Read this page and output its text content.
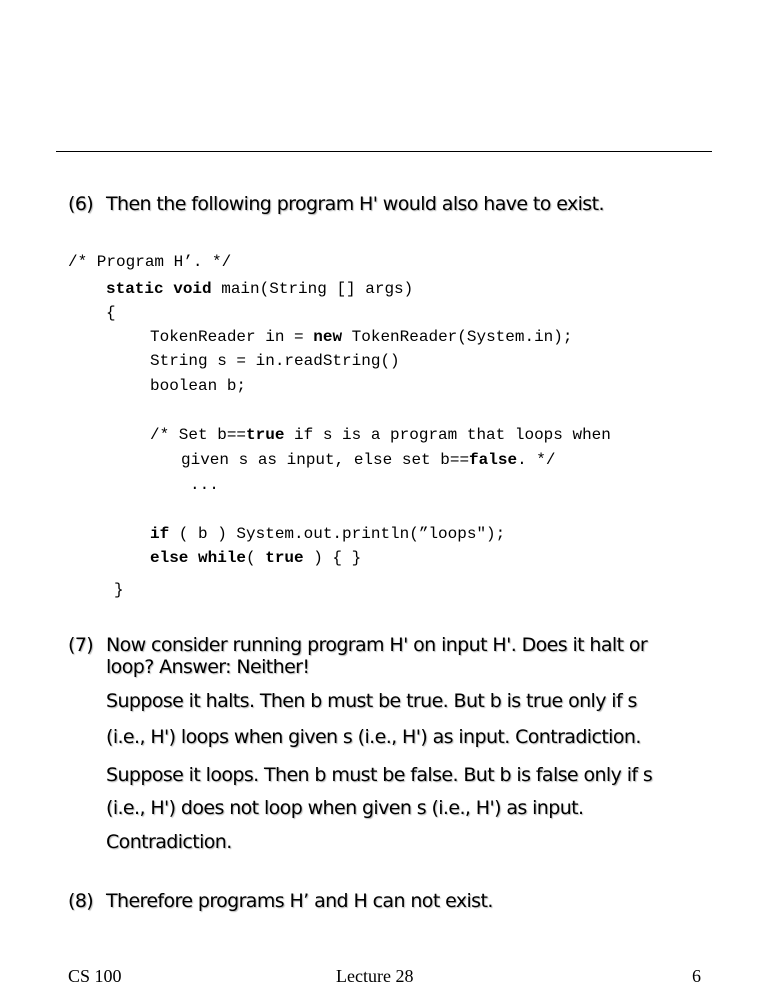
(6) Then the following program H' would also have to exist.
/* Program H’. */
static void main(String [] args)
{
TokenReader in = new TokenReader(System.in);
String s = in.readString()
boolean b;
/* Set b==true if s is a program that loops when
given s as input, else set b==false. */
...
if ( b ) System.out.println(”loops");
else while( true ) { }
}
(7) Now consider running program H' on input H'. Does it halt or
loop? Answer: Neither!
Suppose it halts. Then b must be true. But b is true only if s
(i.e., H') loops when given s (i.e., H') as input. Contradiction.
Suppose it loops. Then b must be false. But b is false only if s
(i.e., H') does not loop when given s (i.e., H') as input.
Contradiction.
(8) Therefore programs H’ and H can not exist.
CS 100	Lecture 28	6
